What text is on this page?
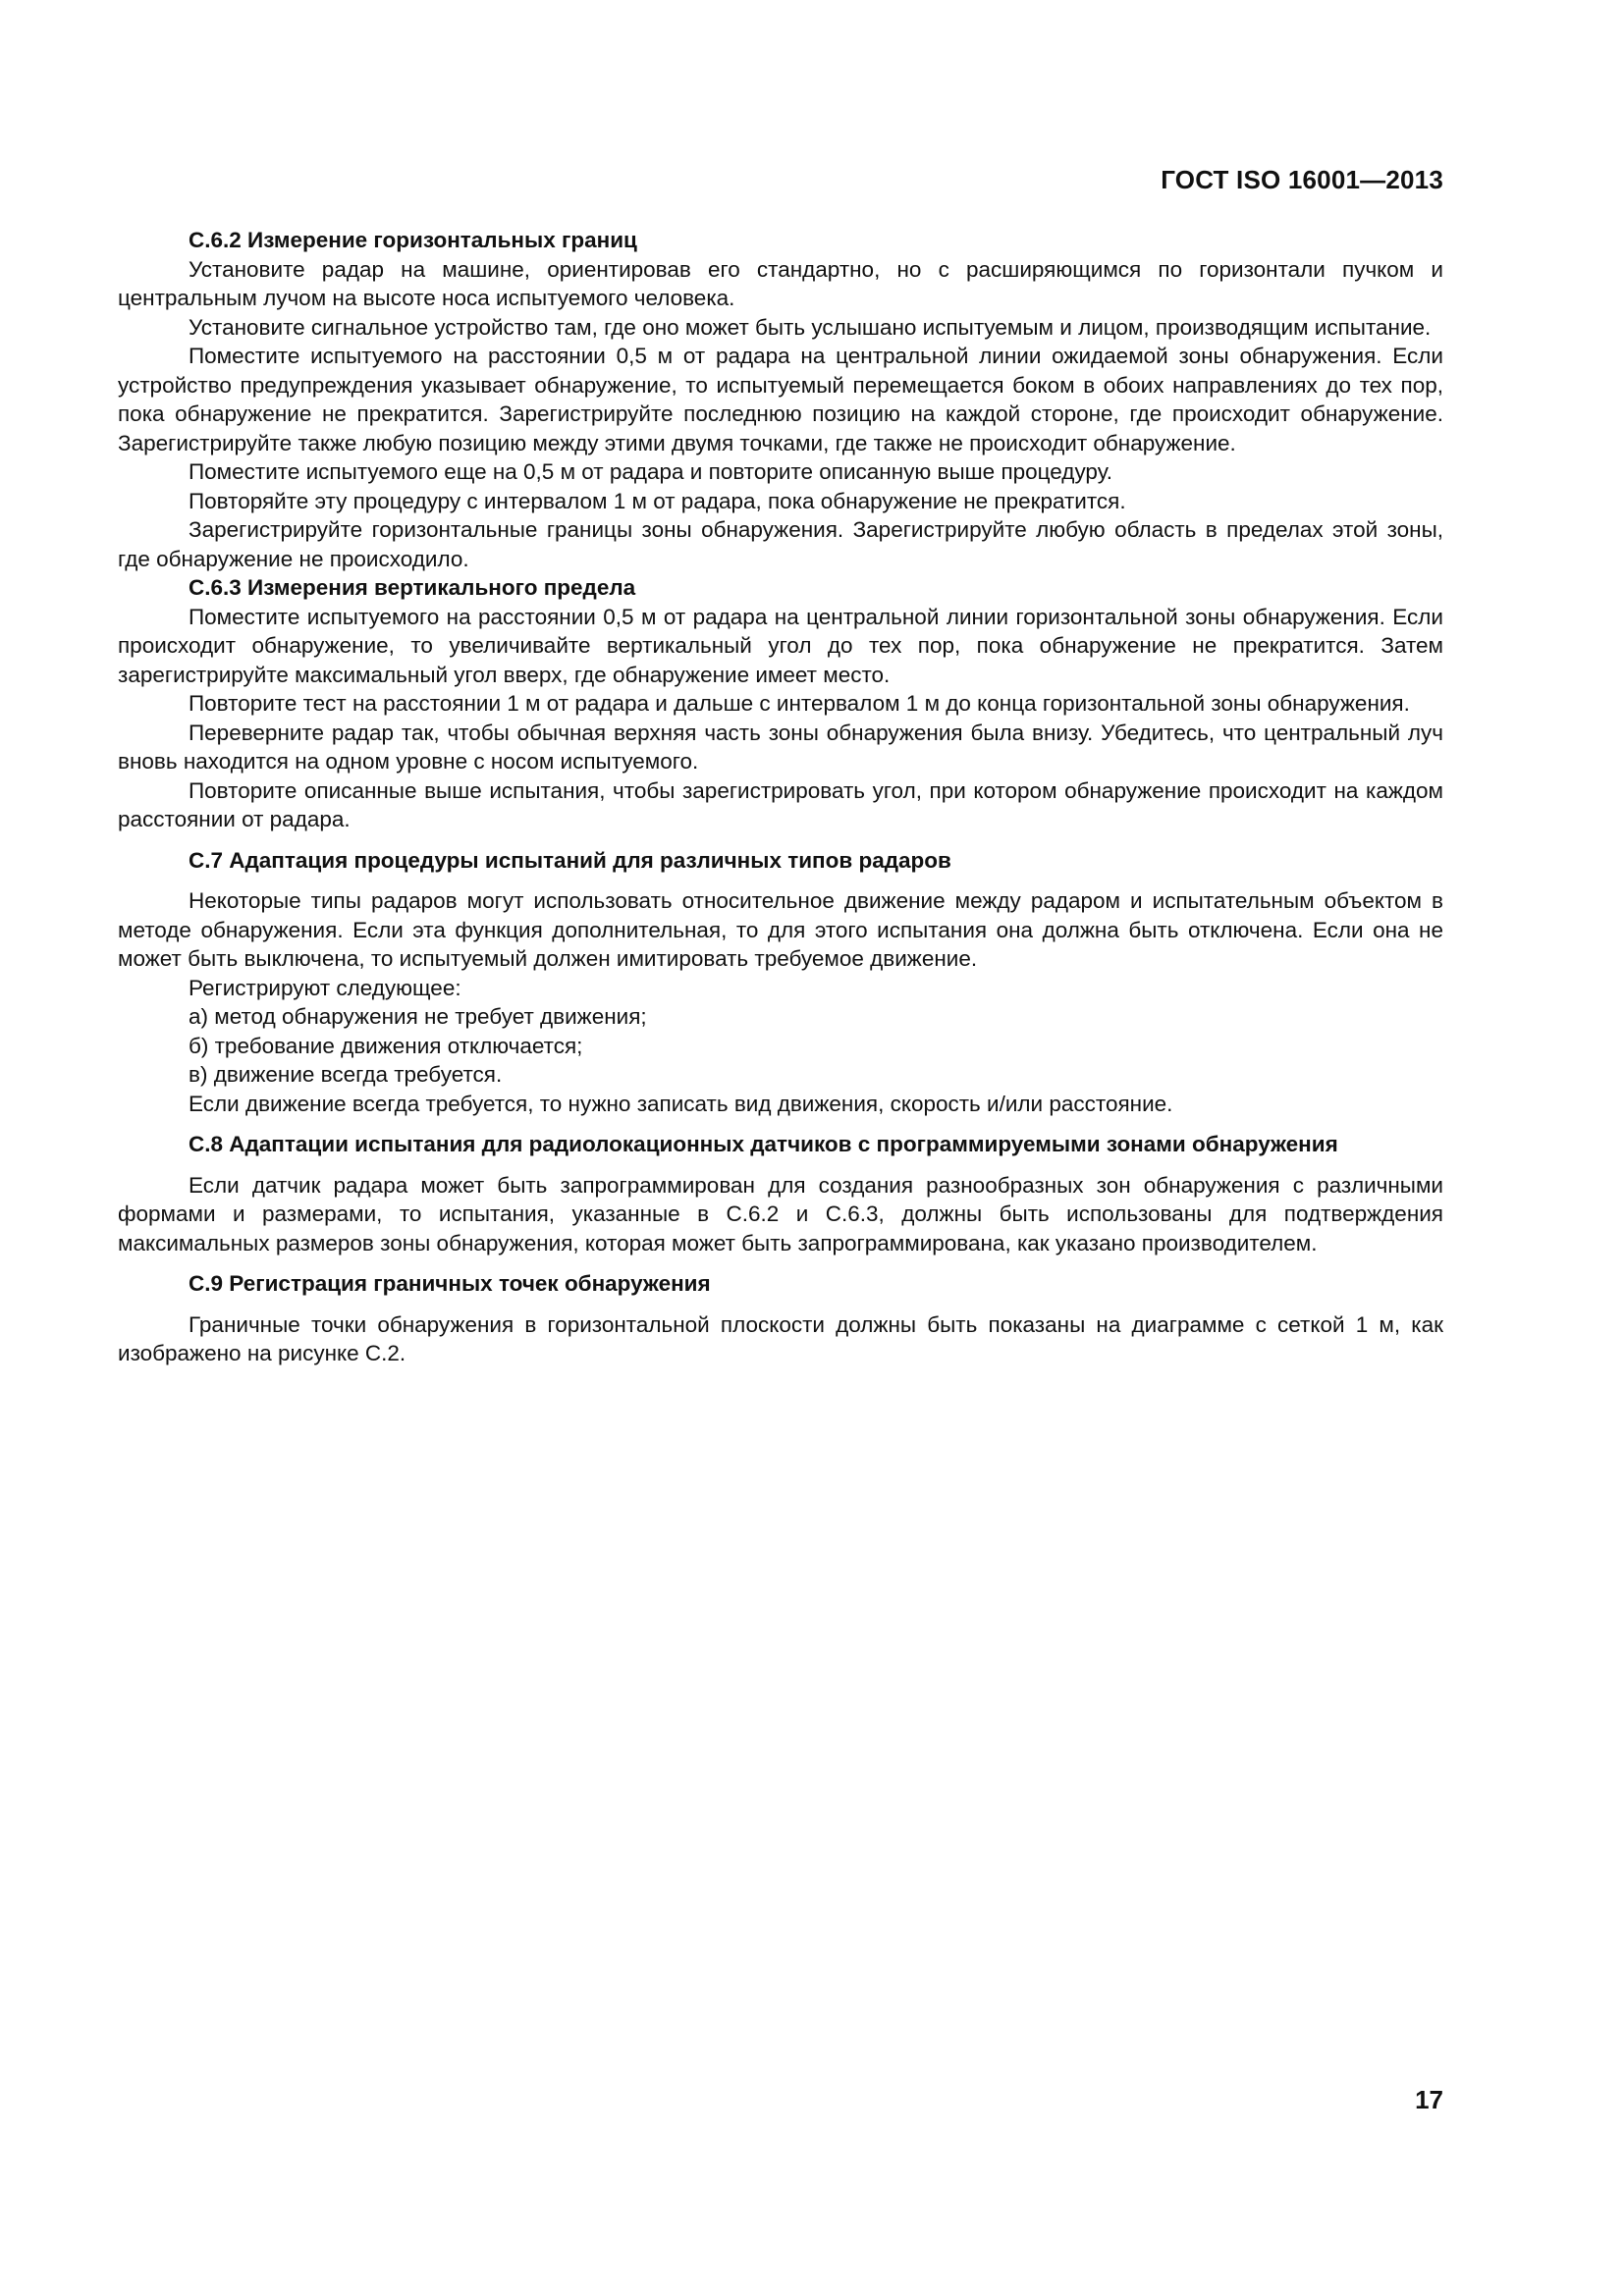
ГОСТ ISO 16001—2013
С.6.2 Измерение горизонтальных границ

Установите радар на машине, ориентировав его стандартно, но с расширяющимся по горизонтали пучком и центральным лучом на высоте носа испытуемого человека.

Установите сигнальное устройство там, где оно может быть услышано испытуемым и лицом, производящим испытание.

Поместите испытуемого на расстоянии 0,5 м от радара на центральной линии ожидаемой зоны обнаружения. Если устройство предупреждения указывает обнаружение, то испытуемый перемещается боком в обоих направлениях до тех пор, пока обнаружение не прекратится. Зарегистрируйте последнюю позицию на каждой стороне, где происходит обнаружение. Зарегистрируйте также любую позицию между этими двумя точками, где также не происходит обнаружение.

Поместите испытуемого еще на 0,5 м от радара и повторите описанную выше процедуру.

Повторяйте эту процедуру с интервалом 1 м от радара, пока обнаружение не прекратится.

Зарегистрируйте горизонтальные границы зоны обнаружения. Зарегистрируйте любую область в пределах этой зоны, где обнаружение не происходило.

С.6.3 Измерения вертикального предела

Поместите испытуемого на расстоянии 0,5 м от радара на центральной линии горизонтальной зоны обнаружения. Если происходит обнаружение, то увеличивайте вертикальный угол до тех пор, пока обнаружение не прекратится. Затем зарегистрируйте максимальный угол вверх, где обнаружение имеет место.

Повторите тест на расстоянии 1 м от радара и дальше с интервалом 1 м до конца горизонтальной зоны обнаружения.

Переверните радар так, чтобы обычная верхняя часть зоны обнаружения была внизу. Убедитесь, что центральный луч вновь находится на одном уровне с носом испытуемого.

Повторите описанные выше испытания, чтобы зарегистрировать угол, при котором обнаружение происходит на каждом расстоянии от радара.

С.7 Адаптация процедуры испытаний для различных типов радаров

Некоторые типы радаров могут использовать относительное движение между радаром и испытательным объектом в методе обнаружения. Если эта функция дополнительная, то для этого испытания она должна быть отключена. Если она не может быть выключена, то испытуемый должен имитировать требуемое движение.

Регистрируют следующее:

а) метод обнаружения не требует движения;

б) требование движения отключается;

в) движение всегда требуется.

Если движение всегда требуется, то нужно записать вид движения, скорость и/или расстояние.

С.8 Адаптации испытания для радиолокационных датчиков с программируемыми зонами обнаружения

Если датчик радара может быть запрограммирован для создания разнообразных зон обнаружения с различными формами и размерами, то испытания, указанные в С.6.2 и С.6.3, должны быть использованы для подтверждения максимальных размеров зоны обнаружения, которая может быть запрограммирована, как указано производителем.

С.9 Регистрация граничных точек обнаружения

Граничные точки обнаружения в горизонтальной плоскости должны быть показаны на диаграмме с сеткой 1 м, как изображено на рисунке С.2.

17
